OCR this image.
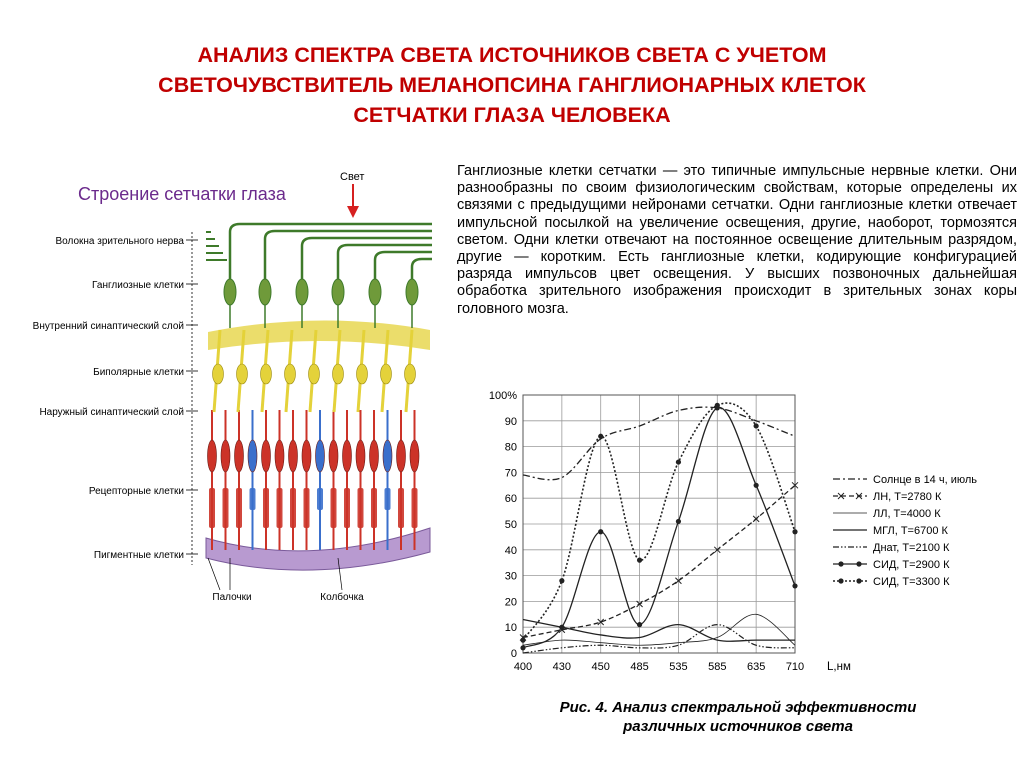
АНАЛИЗ СПЕКТРА СВЕТА ИСТОЧНИКОВ СВЕТА С УЧЕТОМ
СВЕТОЧУВСТВИТЕЛЬ МЕЛАНОПСИНА ГАНГЛИОНАРНЫХ КЛЕТОК
СЕТЧАТКИ ГЛАЗА ЧЕЛОВЕКА
Строение сетчатки глаза
Свет
Волокна зрительного нерва
Ганглиозные клетки
Внутренний синаптический слой
Биполярные клетки
Наружный синаптический слой
Рецепторные клетки
Пигментные клетки
Палочки	Колбочка

Ганглиозные клетки сетчатки — это типичные импульсные нервные клетки. Они разнообразны по своим физиологическим свойствам, которые определены их связями с предыдущими нейронами сетчатки. Одни ганглиозные клетки отвечает импульсной посылкой на увеличение освещения, другие, наоборот, тормозятся светом. Одни клетки отвечают на постоянное освещение длительным разрядом, другие — коротким. Есть ганглиозные клетки, кодирующие конфигурацией разряда импульсов цвет освещения. У высших позвоночных дальнейшая обработка зрительного изображения происходит в зрительных зонах коры головного мозга.

0
10
20
30
40
50
60
70
80
90
100%
400 430 450 485 535 585 635 710
Солнце в 14 ч, июль
ЛН, Т=2780 К
ЛЛ, Т=4000 К
МГЛ, Т=6700 К
Днат, Т=2100 К
СИД, Т=2900 К
СИД, Т=3300 К
L,нм
Рис. 4. Анализ спектральной эффективности
различных источников света
